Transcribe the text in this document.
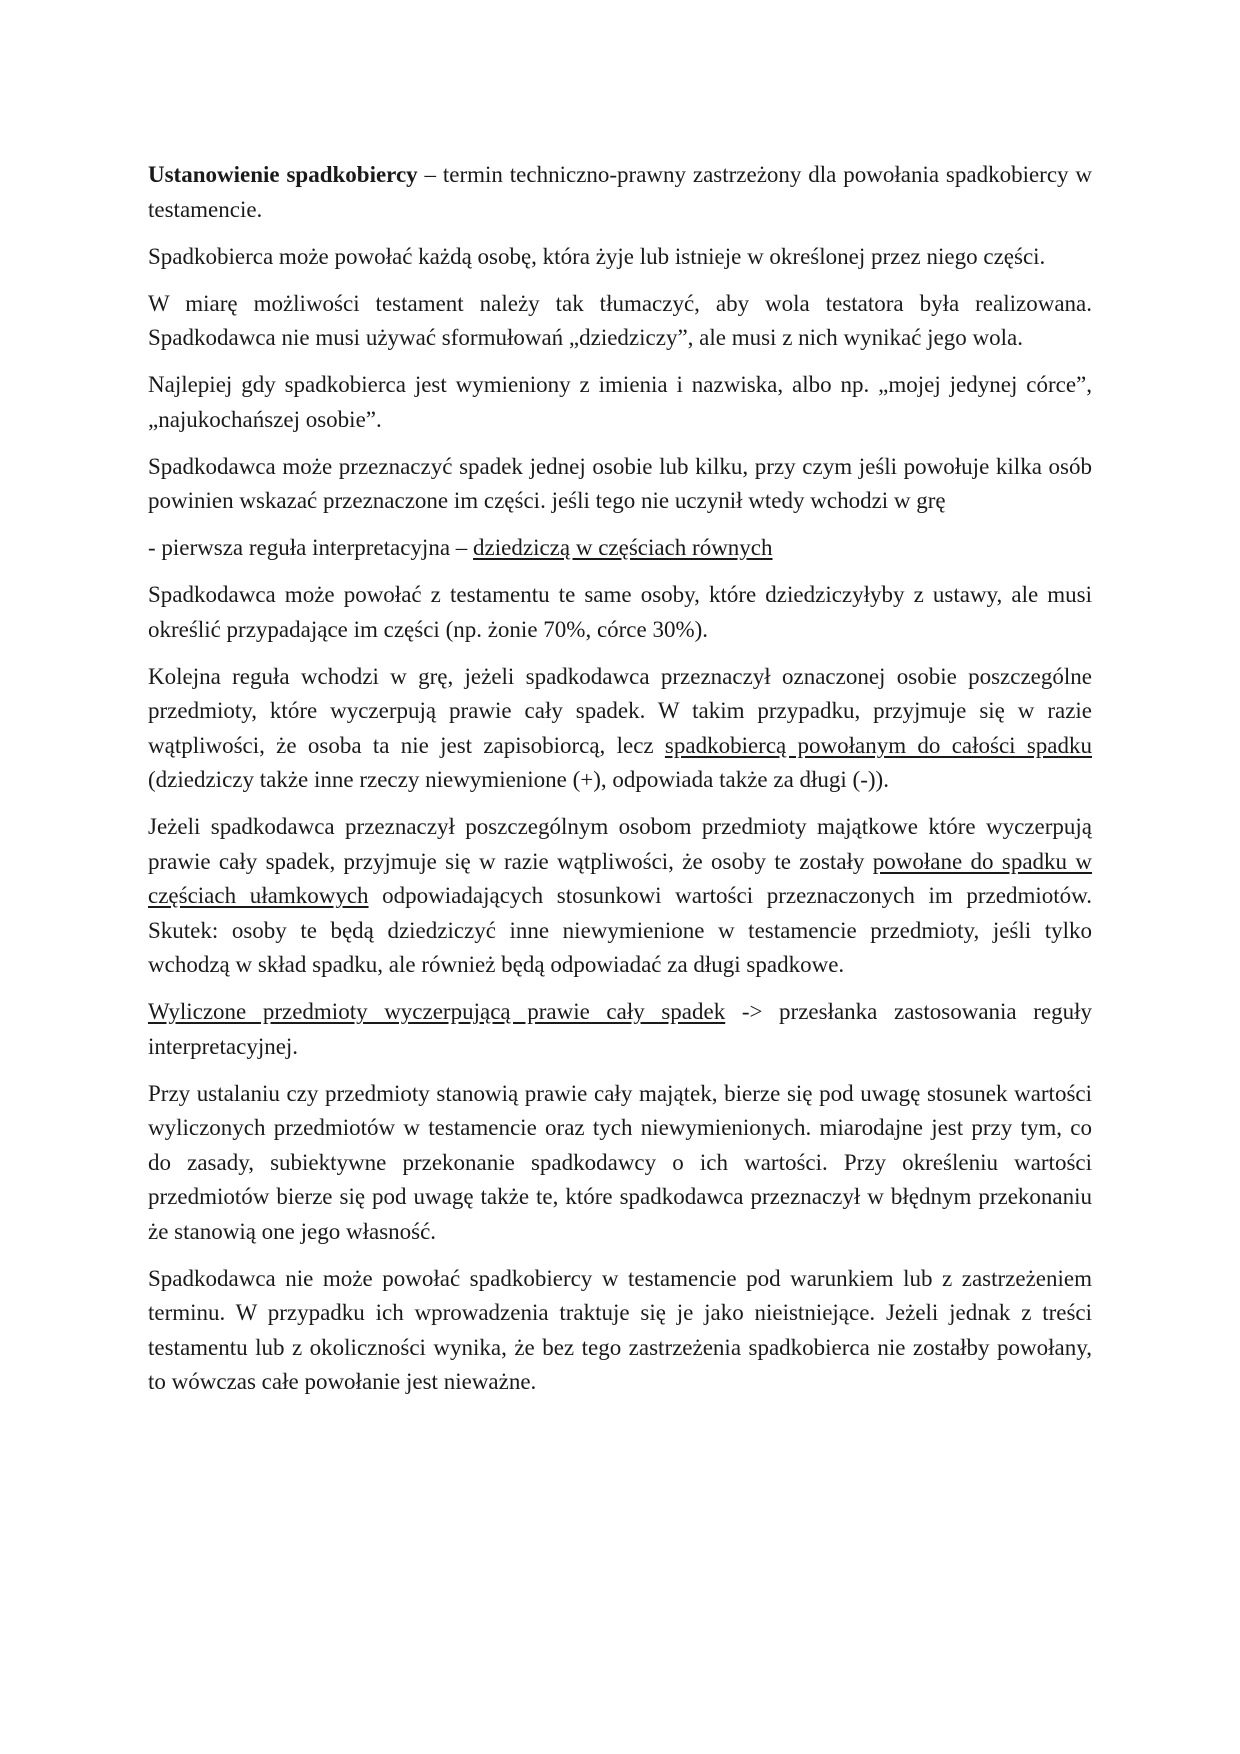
Ustanowienie spadkobiercy – termin techniczno-prawny zastrzeżony dla powołania spadkobiercy w testamencie.

Spadkobierca może powołać każdą osobę, która żyje lub istnieje w określonej przez niego części.

W miarę możliwości testament należy tak tłumaczyć, aby wola testatora była realizowana. Spadkodawca nie musi używać sformułowań „dziedziczy”, ale musi z nich wynikać jego wola.

Najlepiej gdy spadkobierca jest wymieniony z imienia i nazwiska, albo np. „mojej jedynej córce”, „najukochańszej osobie”.

Spadkodawca może przeznaczyć spadek jednej osobie lub kilku, przy czym jeśli powołuje kilka osób powinien wskazać przeznaczone im części. jeśli tego nie uczynił wtedy wchodzi w grę

- pierwsza reguła interpretacyjna – dziedziczą w częściach równych

Spadkodawca może powołać z testamentu te same osoby, które dziedziczyłyby z ustawy, ale musi określić przypadające im części (np. żonie 70%, córce 30%).

Kolejna reguła wchodzi w grę, jeżeli spadkodawca przeznaczył oznaczonej osobie poszczególne przedmioty, które wyczerpują prawie cały spadek. W takim przypadku, przyjmuje się w razie wątpliwości, że osoba ta nie jest zapisobiorcą, lecz spadkobiercą powołanym do całości spadku (dziedziczy także inne rzeczy niewymienione (+), odpowiada także za długi (-)).

Jeżeli spadkodawca przeznaczył poszczególnym osobom przedmioty majątkowe które wyczerpują prawie cały spadek, przyjmuje się w razie wątpliwości, że osoby te zostały powołane do spadku w częściach ułamkowych odpowiadających stosunkowi wartości przeznaczonych im przedmiotów. Skutek: osoby te będą dziedziczyć inne niewymienione w testamencie przedmioty, jeśli tylko wchodzą w skład spadku, ale również będą odpowiadać za długi spadkowe.

Wyliczone przedmioty wyczerpującą prawie cały spadek -> przesłanka zastosowania reguły interpretacyjnej.

Przy ustalaniu czy przedmioty stanowią prawie cały majątek, bierze się pod uwagę stosunek wartości wyliczonych przedmiotów w testamencie oraz tych niewymienionych. miarodajne jest przy tym, co do zasady, subiektywne przekonanie spadkodawcy o ich wartości. Przy określeniu wartości przedmiotów bierze się pod uwagę także te, które spadkodawca przeznaczył w błędnym przekonaniu że stanowią one jego własność.

Spadkodawca nie może powołać spadkobiercy w testamencie pod warunkiem lub z zastrzeżeniem terminu. W przypadku ich wprowadzenia traktuje się je jako nieistniejące. Jeżeli jednak z treści testamentu lub z okoliczności wynika, że bez tego zastrzeżenia spadkobierca nie zostałby powołany, to wówczas całe powołanie jest nieważne.
